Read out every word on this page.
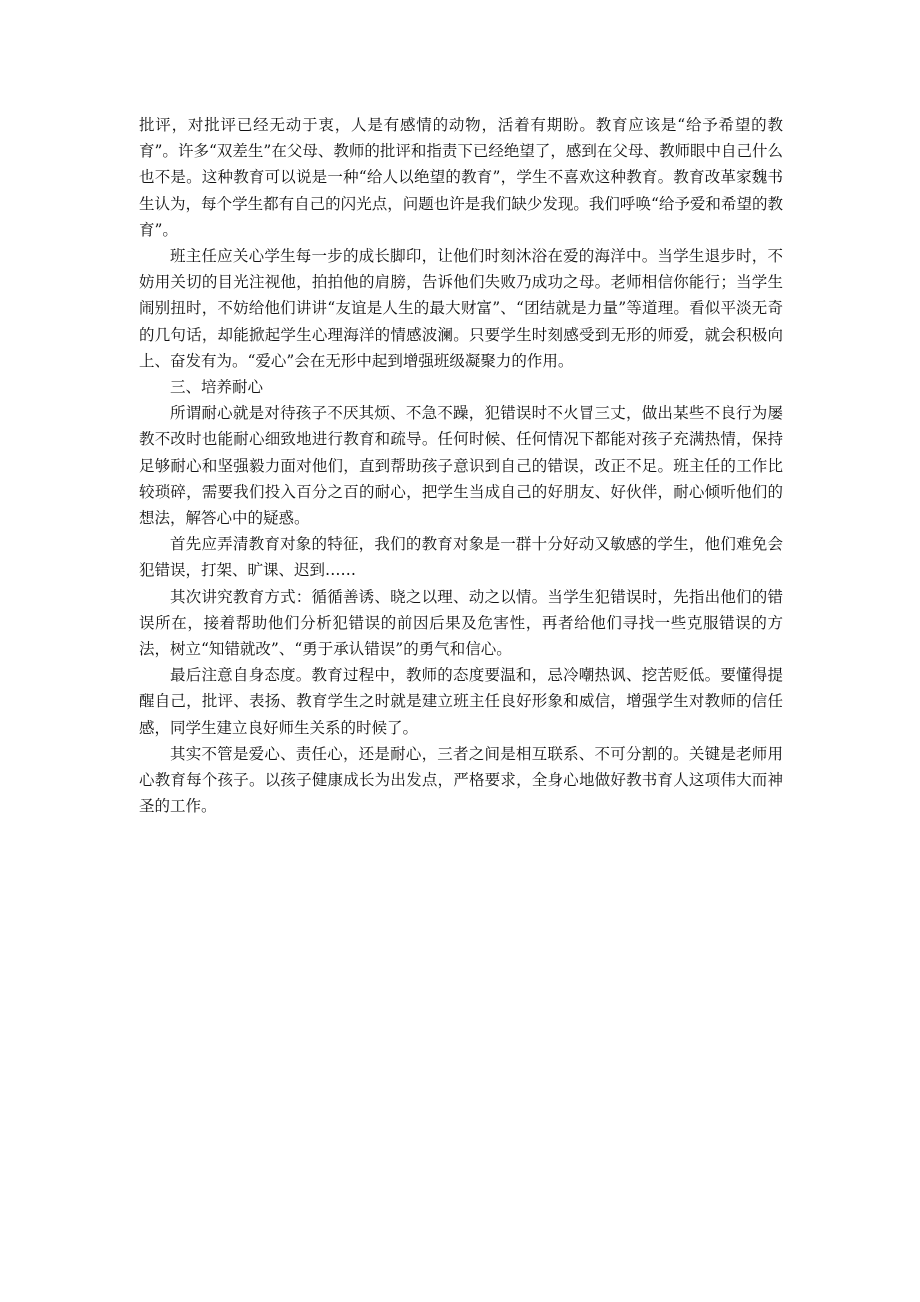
批评，对批评已经无动于衷，人是有感情的动物，活着有期盼。教育应该是“给予希望的教育”。许多“双差生”在父母、教师的批评和指责下已经绝望了，感到在父母、教师眼中自己什么也不是。这种教育可以说是一种“给人以绝望的教育”，学生不喜欢这种教育。教育改革家魏书生认为，每个学生都有自己的闪光点，问题也许是我们缺少发现。我们呼唤“给予爱和希望的教育”。

班主任应关心学生每一步的成长脚印，让他们时刻沐浴在爱的海洋中。当学生退步时，不妨用关切的目光注视他，拍拍他的肩膀，告诉他们失败乃成功之母。老师相信你能行；当学生闹别扭时，不妨给他们讲讲“友谊是人生的最大财富”、“团结就是力量”等道理。看似平淡无奇的几句话，却能掀起学生心理海洋的情感波澜。只要学生时刻感受到无形的师爱，就会积极向上、奋发有为。“爱心”会在无形中起到增强班级凝聚力的作用。

三、培养耐心

所谓耐心就是对待孩子不厌其烦、不急不躁，犯错误时不火冒三丈，做出某些不良行为屡教不改时也能耐心细致地进行教育和疏导。任何时候、任何情况下都能对孩子充满热情，保持足够耐心和坚强毅力面对他们，直到帮助孩子意识到自己的错误，改正不足。班主任的工作比较琐碎，需要我们投入百分之百的耐心，把学生当成自己的好朋友、好伙伴，耐心倾听他们的想法，解答心中的疑惑。

首先应弄清教育对象的特征，我们的教育对象是一群十分好动又敏感的学生，他们难免会犯错误，打架、旷课、迟到……

其次讲究教育方式：循循善诱、晓之以理、动之以情。当学生犯错误时，先指出他们的错误所在，接着帮助他们分析犯错误的前因后果及危害性，再者给他们寻找一些克服错误的方法，树立“知错就改”、“勇于承认错误”的勇气和信心。

最后注意自身态度。教育过程中，教师的态度要温和，忌冷嘲热讽、挖苦贬低。要懂得提醒自己，批评、表扬、教育学生之时就是建立班主任良好形象和威信，增强学生对教师的信任感，同学生建立良好师生关系的时候了。

其实不管是爱心、责任心，还是耐心，三者之间是相互联系、不可分割的。关键是老师用心教育每个孩子。以孩子健康成长为出发点，严格要求，全身心地做好教书育人这项伟大而神圣的工作。
